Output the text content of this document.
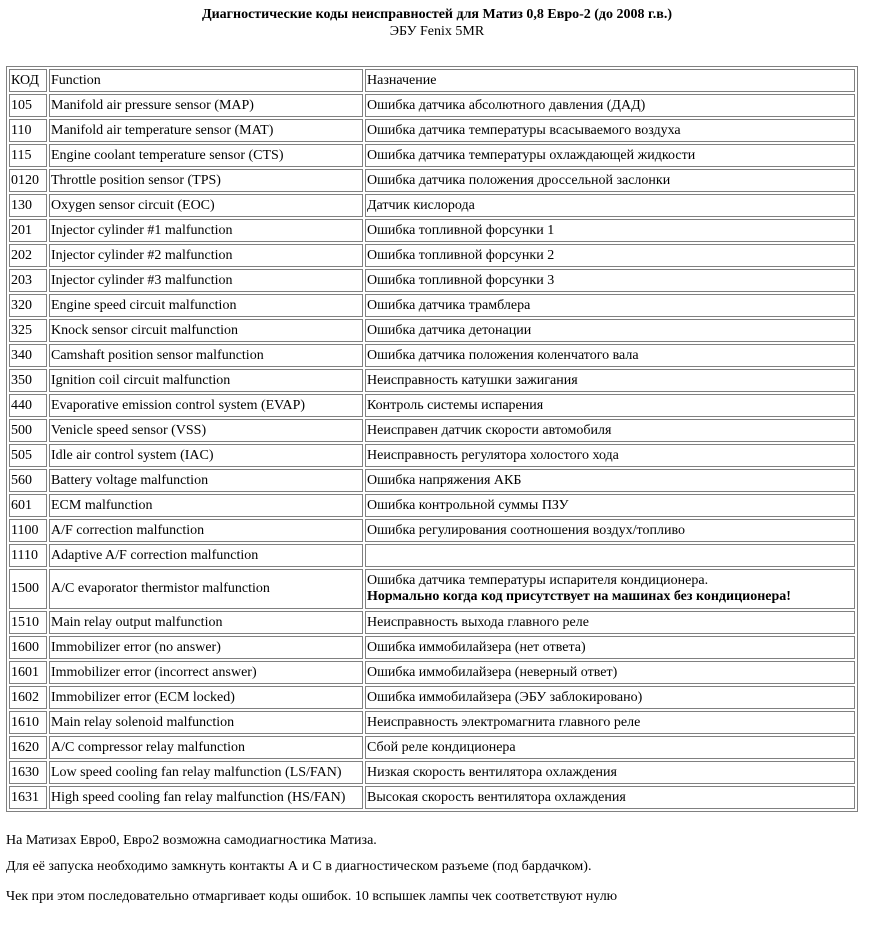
Диагностические коды неисправностей для Матиз 0,8 Евро-2 (до 2008 г.в.)
ЭБУ Fenix 5MR
КОД	Function	Назначение
105	Manifold air pressure sensor (MAP)	Ошибка датчика абсолютного давления (ДАД)
110	Manifold air temperature sensor (MAT)	Ошибка датчика температуры всасываемого воздуха
115	Engine coolant temperature sensor (CTS)	Ошибка датчика температуры охлаждающей жидкости
0120	Throttle position sensor (TPS)	Ошибка датчика положения дроссельной заслонки
130	Oxygen sensor circuit (EOC)	Датчик кислорода
201	Injector cylinder #1 malfunction	Ошибка топливной форсунки 1
202	Injector cylinder #2 malfunction	Ошибка топливной форсунки 2
203	Injector cylinder #3 malfunction	Ошибка топливной форсунки 3
320	Engine speed circuit malfunction	Ошибка датчика трамблера
325	Knock sensor circuit malfunction	Ошибка датчика детонации
340	Camshaft position sensor malfunction	Ошибка датчика положения коленчатого вала
350	Ignition coil circuit malfunction	Неисправность катушки зажигания
440	Evaporative emission control system (EVAP)	Контроль системы испарения
500	Venicle speed sensor (VSS)	Неисправен датчик скорости автомобиля
505	Idle air control system (IAC)	Неисправность регулятора холостого хода
560	Battery voltage malfunction	Ошибка напряжения АКБ
601	ECM malfunction	Ошибка контрольной суммы ПЗУ
1100	A/F correction malfunction	Ошибка регулирования соотношения воздух/топливо
1110	Adaptive A/F correction malfunction	
1500	A/C evaporator thermistor malfunction	Ошибка датчика температуры испарителя кондиционера.
Нормально когда код присутствует на машинах без кондиционера!

1510	Main relay output malfunction	Неисправность выхода главного реле
1600	Immobilizer error (no answer)	Ошибка иммобилайзера (нет ответа)
1601	Immobilizer error (incorrect answer)	Ошибка иммобилайзера (неверный ответ)
1602	Immobilizer error (ECM locked)	Ошибка иммобилайзера (ЭБУ заблокировано)
1610	Main relay solenoid malfunction	Неисправность электромагнита главного реле
1620	A/C compressor relay malfunction	Сбой реле кондиционера
1630	Low speed cooling fan relay malfunction (LS/FAN)	Низкая скорость вентилятора охлаждения
1631	High speed cooling fan relay malfunction (HS/FAN)	Высокая скорость вентилятора охлаждения
На Матизах Евро0, Евро2 возможна самодиагностика Матиза.
Для её запуска необходимо замкнуть контакты А и С в диагностическом разъеме (под бардачком).
Чек при этом последовательно отмаргивает коды ошибок. 10 вспышек лампы чек соответствуют нулю
